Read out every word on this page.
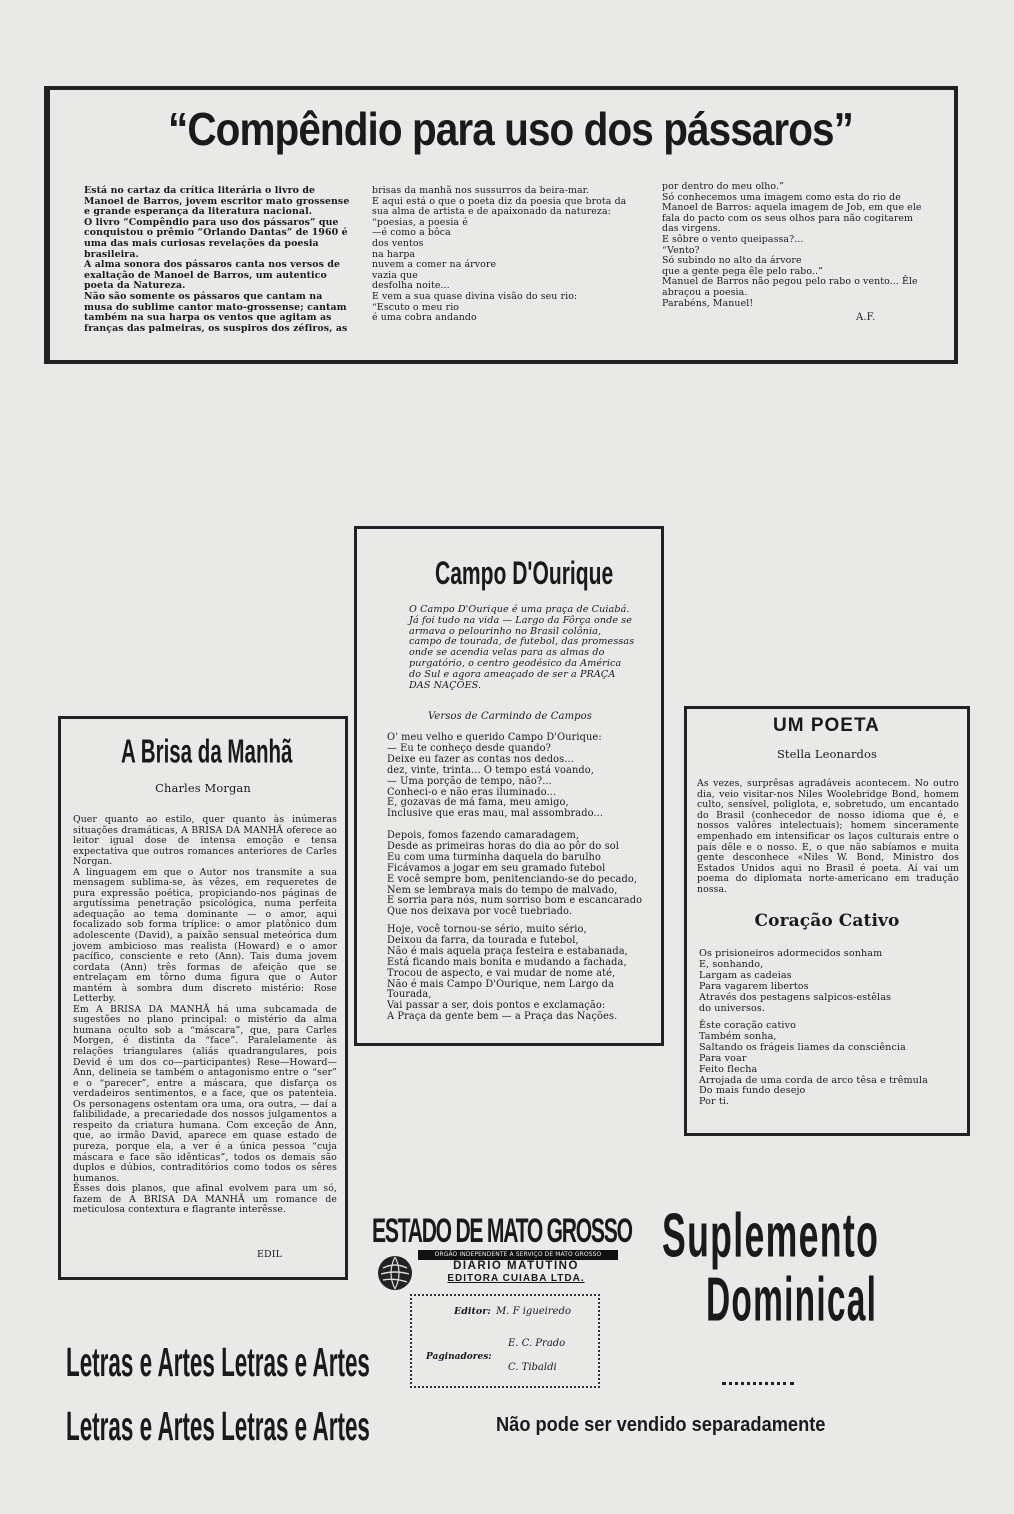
“Compêndio para uso dos pássaros”
Está no cartaz da crítica literária o livro de Manoel de Barros, jovem escritor mato grossense e grande esperança da literatura nacional.
O livro “Compêndio para uso dos pássaros” que conquistou o prêmio “Orlando Dantas” de 1960 é uma das mais curiosas revelações da poesia brasileira.
A alma sonora dos pássaros canta nos versos de exaltação de Manoel de Barros, um autentico poeta da Natureza.
Não são somente os pássaros que cantam na musa do sublime cantor mato-grossense; cantam também na sua harpa os ventos que agitam as franças das palmeiras, os suspiros dos zéfiros, as
brisas da manhã nos sussurros da beira-mar.
E aqui está o que o poeta diz da poesia que brota da sua alma de artista e de apaixonado da natureza:
“poesias, a poesia é
—é como a bôca
dos ventos
na harpa
nuvem a comer na árvore
vazia que
desfolha noite...
E vem a sua quase divina visão do seu rio:
“Escuto o meu rio
é uma cobra andando
por dentro do meu olho.”
Só conhecemos uma imagem como esta do rio de Manoel de Barros: aquela imagem de Job, em que ele fala do pacto com os seus olhos para não cogitarem das virgens.
E sôbre o vento queipassa?...
“Vento?
Só subindo no alto da árvore
que a gente pega êle pelo rabo..”
Manuel de Barros não pegou pelo rabo o vento... Êle abraçou a poesia.
Parabéns, Manuel!
A.F.
Campo D'Ourique
O Campo D'Ourique é uma praça de Cuiabá. Já foi tudo na vida — Largo da Fôrça onde se armava o pelourinho no Brasil colônia, campo de tourada, de futebol, das promessas onde se acendia velas para as almas do purgatório, o centro geodésico da América do Sul e agora ameaçado de ser a PRAÇA DAS NAÇÕES.
Versos de Carmindo de Campos
O' meu velho e querido Campo D'Ourique:
— Eu te conheço desde quando?
Deixe eu fazer as contas nos dedos...
dez, vinte, trinta... O tempo está voando,
— Uma porção de tempo, não?...
Conheci-o e não eras iluminado...
E, gozavas de má fama, meu amigo,
Inclusive que eras mau, mal assombrado...
Depois, fomos fazendo camaradagem,
Desde as primeiras horas do dia ao pôr do sol
Eu com uma turminha daquela do barulho
Ficávamos a jogar em seu gramado futebol
E você sempre bom, penitenciando-se do pecado,
Nem se lembrava mais do tempo de malvado,
E sorria para nós, num sorriso bom e escancarado
Que nos deixava por você tuebriado.
Hoje, você tornou-se sério, muito sério,
Deixou da farra, da tourada e futebol,
Não é mais aquela praça festeira e estabanada,
Está ficando mais bonita e mudando a fachada,
Trocou de aspecto, e vai mudar de nome até,
Não é mais Campo D'Ourique, nem Largo da Tourada,
Vai passar a ser, dois pontos e exclamação:
A Praça da gente bem — a Praça das Nações.
A Brisa da Manhã
Charles Morgan
Quer quanto ao estilo, quer quanto às inúmeras situações dramáticas, A BRISA DA MANHÃ oferece ao leitor igual dose de intensa emoção e tensa expectativa que outros romances anteriores de Carles Norgan.
A linguagem em que o Autor nos transmite a sua mensagem sublima-se, às vêzes, em requeretes de pura expressão poética, propiciando-nos páginas de argutíssima penetração psicológica, numa perfeita adequação ao tema dominante — o amor, aqui focalizado sob forma tríplice: o amor platônico dum adolescente (David), a paixão sensual meteórica dum jovem ambicioso mas realista (Howard) e o amor pacífico, consciente e reto (Ann). Tais duma jovem cordata (Ann) três formas de afeição que se entrelaçam em tôrno duma figura que o Autor mantém à sombra dum discreto mistério: Rose Letterby.
Em A BRISA DA MANHÃ há uma subcamada de sugestões no plano principal: o mistério da alma humana oculto sob a “máscara”, que, para Carles Morgen, é distinta da “face”. Paralelamente às relações triangulares (aliás quadrangulares, pois Devid é um dos co—participantes) Rese—Howard—Ann, delineia se também o antagonismo entre o “ser” e o “parecer”, entre a máscara, que disfarça os verdadeiros sentimentos, e a face, que os patenteia. Os personagens ostentam ora uma, ora outra, — daí a falibilidade, a precariedade dos nossos julgamentos a respeito da criatura humana. Com exceção de Ann, que, ao irmão David, aparece em quase estado de pureza, porque ela, a ver é a única pessoa “cuja máscara e face são idênticas”, todos os demais são duplos e dúbios, contraditórios como todos os sêres humanos.
Êsses dois planos, que afinal evolvem para um só, fazem de A BRISA DA MANHÃ um romance de meticulosa contextura e flagrante interêsse.
EDIL
UM POETA
Stella Leonardos
As vezes, surprêsas agradáveis acontecem. No outro dia, veio visitar-nos Niles Woolebridge Bond, homem culto, sensível, poliglota, e, sobretudo, um encantado do Brasil (conhecedor de nosso idioma que é, e nossos valôres intelectuais); homem sinceramente empenhado em intensificar os laços culturais entre o país dêle e o nosso. E, o que não sabíamos e muita gente desconhece «Niles W. Bond, Ministro dos Estados Unidos aqui no Brasil é poeta. Aí vai um poema do diplomata norte-americano em tradução nossa.
Coração Cativo
Os prisioneiros adormecidos sonham
E, sonhando,
Largam as cadeias
Para vagarem libertos
Através dos pestagens salpicos-estêlas
do universos.
Êste coração cativo
Também sonha,
Saltando os frágeis liames da consciência
Para voar
Feito flecha
Arrojada de uma corda de arco têsa e trêmula
Do mais fundo desejo
Por ti.
ESTADO DE MATO GROSSO
ORGÃO INDEPENDENTE A SERVIÇO DE MATO GROSSO
DIARIO MATUTINO
EDITORA CUIABA LTDA.
Editor: M. F igueiredo
Paginadores:
E. C. Prado
C. Tibaldi
Suplemento
Dominical
Não pode ser vendido separadamente
Letras e Artes Letras e Artes
Letras e Artes Letras e Artes
